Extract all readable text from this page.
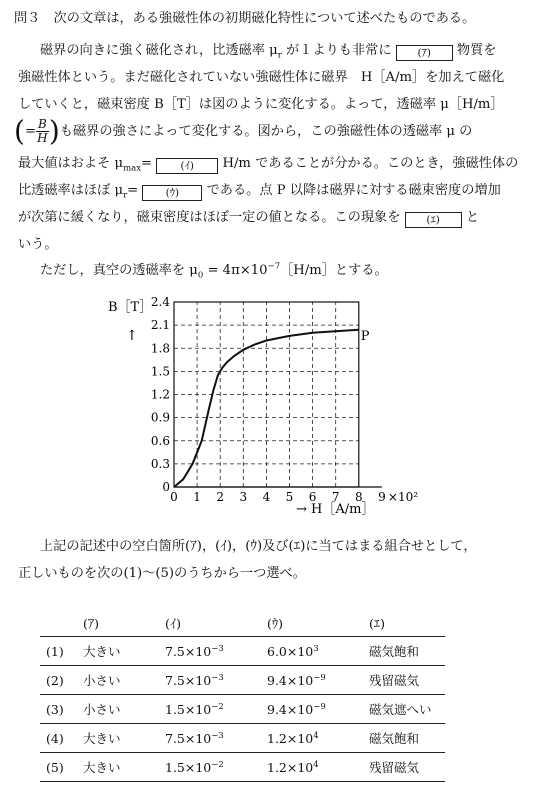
問３　次の文章は，ある強磁性体の初期磁化特性について述べたものである。
磁界の向きに強く磁化され，比透磁率 $\mu_r$ が１よりも非常に (ｱ) 物質を
強磁性体という。まだ磁化されていない強磁性体に磁界　H［A/m］を加えて磁化
していくと，磁束密度 B［T］は図のように変化する。よって，透磁率 μ［H/m］
(= $\frac{B}{H}$ )も磁界の強さによって変化する。図から，この強磁性体の透磁率 μ の
最大値はおよそ $\mu_{max}=$ (ｲ) H/m であることが分かる。このとき，強磁性体の
比透磁率はほぼ $\mu_r=$ (ｳ) である。点 P 以降は磁界に対する磁束密度の増加
が次第に緩くなり，磁束密度はほぼ一定の値となる。この現象を (ｴ) と
いう。
ただし，真空の透磁率を $\mu_0$ = $4\pi\times 10^{-7}[H/m]$とする。
0 1 2 3 4 5 6 7 8 9
0
0.3
0.6
0.9
1.2
1.5
1.8
2.1
2.4
B［T］
↑
→ H［A/m］
×10²
P
上記の記述中の空白箇所(ｱ)，(ｲ)，(ｳ)及び(ｴ)に当てはまる組合せとして，
正しいものを次の(1)〜(5)のうちから一つ選べ。
	(ｱ)	(ｲ)	(ｳ)	(ｴ)
(1)	大きい	$7.5\times 10^{-3}$	$6.0\times 10^3$	磁気飽和
(2)	小さい	$7.5\times 10^{-3}$	$9.4\times 10^{-9}$	残留磁気
(3)	小さい	$1.5\times 10^{-2}$	$9.4\times 10^{-9}$	磁気遮へい
(4)	大きい	$7.5\times 10^{-3}$	$1.2\times 10^4$	磁気飽和
(5)	大きい	$1.5\times 10^{-2}$	$1.2\times 10^4$	残留磁気
